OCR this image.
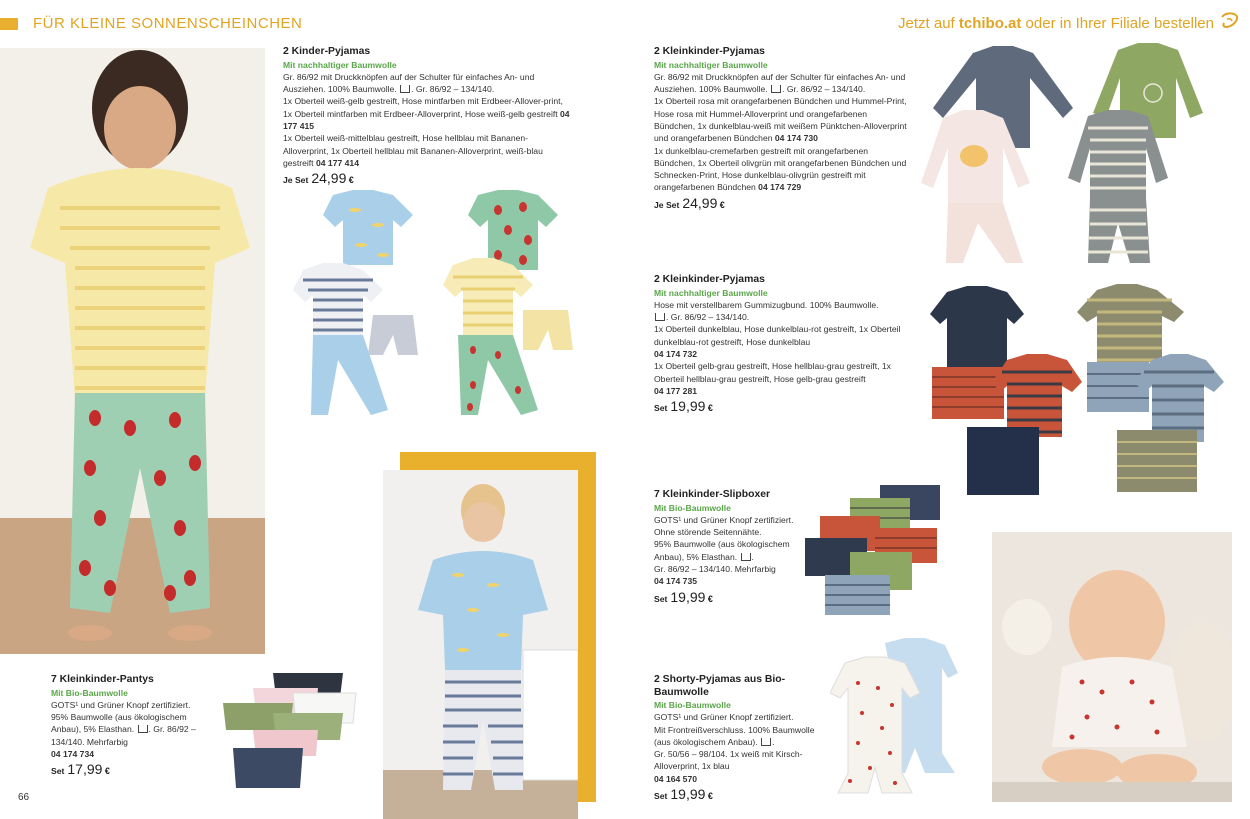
FÜR KLEINE SONNENSCHEINCHEN	Jetzt auf tchibo.at oder in Ihrer Filiale bestellen
2 Kinder-Pyjamas
Mit nachhaltiger Baumwolle
Gr. 86/92 mit Druckknöpfen auf der Schulter für einfaches An- und Ausziehen. 100% Baumwolle. . Gr. 86/92 – 134/140.
1x Oberteil weiß-gelb gestreift, Hose mintfarben mit Erdbeer-Allover-print, 1x Oberteil mintfarben mit Erdbeer-Alloverprint, Hose weiß-gelb gestreift 04 177 415
1x Oberteil weiß-mittelblau gestreift, Hose hellblau mit Bananen-Alloverprint, 1x Oberteil hellblau mit Bananen-Alloverprint, weiß-blau gestreift 04 177 414
Je Set 24,99 €
7 Kleinkinder-Pantys
Mit Bio-Baumwolle
GOTS¹ und Grüner Knopf zertifiziert.
95% Baumwolle (aus ökologischem Anbau), 5% Elasthan. . Gr. 86/92 – 134/140. Mehrfarbig
04 174 734
Set 17,99 €
66
2 Kleinkinder-Pyjamas
Mit nachhaltiger Baumwolle
Gr. 86/92 mit Druckknöpfen auf der Schulter für einfaches An- und Ausziehen. 100% Baumwolle. . Gr. 86/92 – 134/140.
1x Oberteil rosa mit orangefarbenen Bündchen und Hummel-Print, Hose rosa mit Hummel-Alloverprint und orangefarbenen Bündchen, 1x dunkelblau-weiß mit weißem Pünktchen-Alloverprint und orangefarbenen Bündchen 04 174 730
1x dunkelblau-cremefarben gestreift mit orangefarbenen Bündchen, 1x Oberteil olivgrün mit orangefarbenen Bündchen und Schnecken-Print, Hose dunkelblau-olivgrün gestreift mit orangefarbenen Bündchen 04 174 729
Je Set 24,99 €
2 Kleinkinder-Pyjamas
Mit nachhaltiger Baumwolle
Hose mit verstellbarem Gummizugbund. 100% Baumwolle.
. Gr. 86/92 – 134/140.
1x Oberteil dunkelblau, Hose dunkelblau-rot gestreift, 1x Oberteil dunkelblau-rot gestreift, Hose dunkelblau
04 174 732
1x Oberteil gelb-grau gestreift, Hose hellblau-grau gestreift, 1x Oberteil hellblau-grau gestreift, Hose gelb-grau gestreift
04 177 281
Set 19,99 €
7 Kleinkinder-Slipboxer
Mit Bio-Baumwolle
GOTS¹ und Grüner Knopf zertifiziert.
Ohne störende Seitennähte.
95% Baumwolle (aus ökologischem Anbau), 5% Elasthan. .
Gr. 86/92 – 134/140. Mehrfarbig
04 174 735
Set 19,99 €
2 Shorty-Pyjamas aus Bio-Baumwolle
Mit Bio-Baumwolle
GOTS¹ und Grüner Knopf zertifiziert.
Mit Frontreißverschluss. 100% Baumwolle (aus ökologischem Anbau). .
Gr. 50/56 – 98/104. 1x weiß mit Kirsch-Alloverprint, 1x blau
04 164 570
Set 19,99 €
